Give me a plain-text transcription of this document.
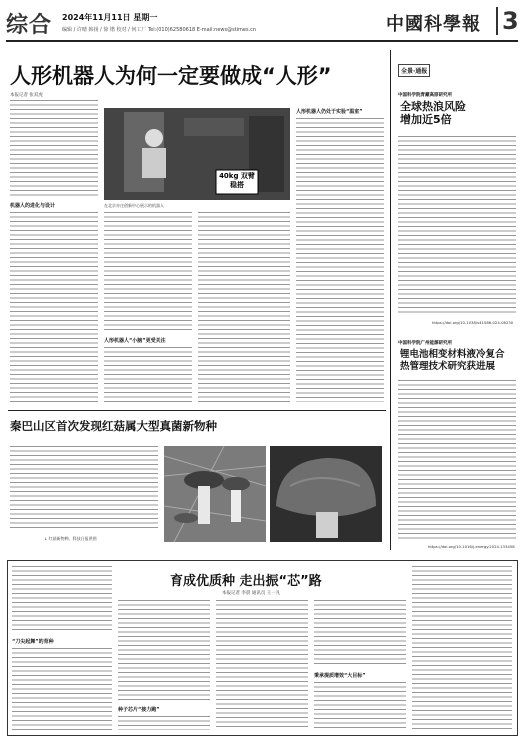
综合 2024年11月11日 星期一
编辑 / 许晴 韩扬 / 徐 锴 校对 / 何工厂 Tel:(010)62580618 E-mail:news@stimes.cn	中國科學報 3
人形机器人为何一定要做成“人形”
本报记者 张双虎
机器人的进化与设计
40kg 双臂稳搭
在北京亦庄创新中心展示的机器人
人形机器人“小脑”更受关注
人形机器人仍处于实验“温室”
秦巴山区首次发现红菇属大型真菌新物种
↓ 红菇新物种。科技日报供图
全景·通报
中国科学院青藏高原研究所
全球热浪风险
增加近5倍
https://doi.org/10.1038/s41586-024-08230
中国科学院广州能源研究所
锂电池相变材料液冷复合
热管理技术研究获进展
https://doi.org/10.1016/j.energy.2024.133458
育成优质种 走出振“芯”路
本报记者 李晨 通讯员 王一凡
“刀尖起舞”的育种
种子芯片“接力跑”
秉承提质增效“大目标”
